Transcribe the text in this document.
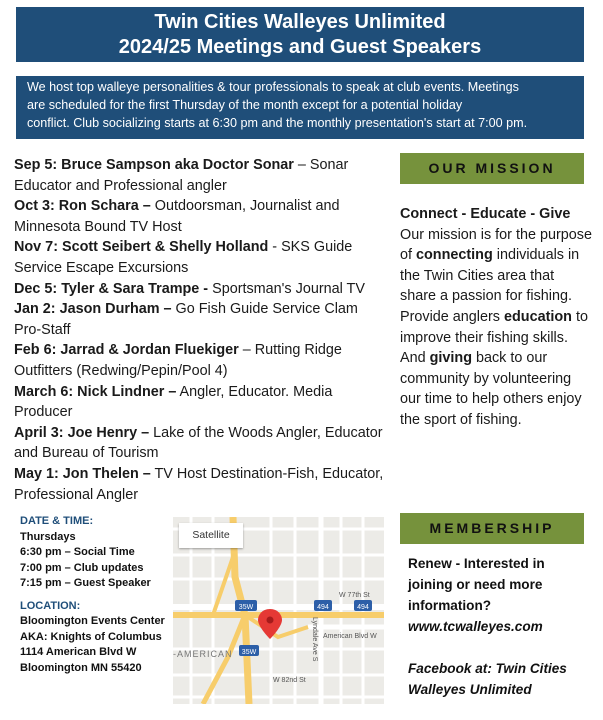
Twin Cities Walleyes Unlimited
2024/25 Meetings and Guest Speakers
We host top walleye personalities & tour professionals to speak at club events. Meetings
are scheduled for the first Thursday of the month except for a potential holiday
conflict. Club socializing starts at 6:30 pm and the monthly presentation's start at 7:00 pm.

Sep 5: Bruce Sampson aka Doctor Sonar – Sonar Educator and Professional angler

Oct 3: Ron Schara – Outdoorsman, Journalist and Minnesota Bound TV Host

Nov 7: Scott Seibert & Shelly Holland - SKS Guide Service Escape Excursions

Dec 5: Tyler & Sara Trampe - Sportsman's Journal TV

Jan 2: Jason Durham – Go Fish Guide Service Clam Pro-Staff

Feb 6: Jarrad & Jordan Fluekiger – Rutting Ridge Outfitters (Redwing/Pepin/Pool 4)

March 6: Nick Lindner – Angler, Educator. Media Producer

April 3: Joe Henry – Lake of the Woods Angler, Educator and Bureau of Tourism

May 1: Jon Thelen – TV Host Destination-Fish, Educator, Professional Angler

OUR MISSION
Connect - Educate - Give
Our mission is for the purpose of connecting individuals in the Twin Cities area that share a passion for fishing.
Provide anglers education to improve their fishing skills.
And giving back to our community by volunteering our time to help others enjoy the sport of fishing.
MEMBERSHIP
Renew - Interested in joining or need more information?
www.tcwalleyes.com
Facebook at: Twin Cities Walleyes Unlimited
DATE & TIME:
Thursdays
6:30 pm – Social Time
7:00 pm – Club updates
7:15 pm – Guest Speaker
LOCATION:
Bloomington Events Center
AKA: Knights of Columbus
1114 American Blvd W
Bloomington MN 55420
35W	494	494
35W
W 77th St
American Blvd W
Lyndale Ave S
-AMERICAN
W 82nd St
Satellite
